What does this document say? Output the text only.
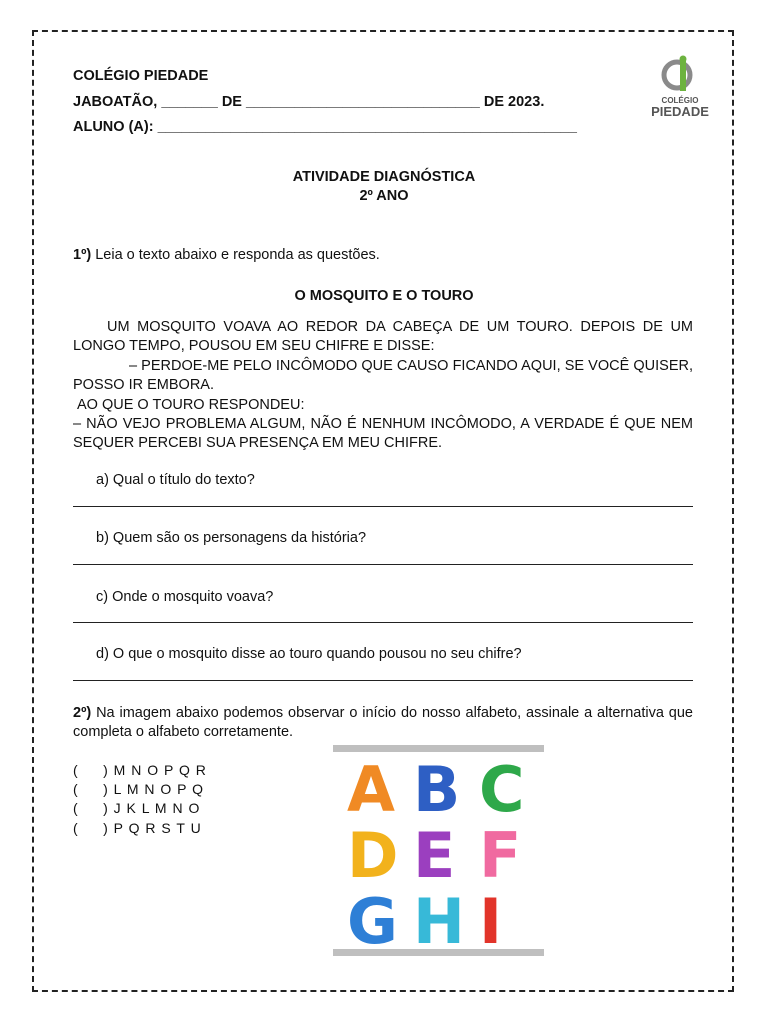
COLÉGIO PIEDADE
JABOATÃO, _______ DE _____________________________ DE 2023.
ALUNO (A): ____________________________________________________
COLÉGIO
PIEDADE
ATIVIDADE DIAGNÓSTICA
2º ANO
1º) Leia o texto abaixo e responda as questões.
O MOSQUITO E O TOURO
UM MOSQUITO VOAVA AO REDOR DA CABEÇA DE UM TOURO. DEPOIS DE UM LONGO TEMPO, POUSOU EM SEU CHIFRE E DISSE:
– PERDOE-ME PELO INCÔMODO QUE CAUSO FICANDO AQUI, SE VOCÊ QUISER, POSSO IR EMBORA.
AO QUE O TOURO RESPONDEU:
– NÃO VEJO PROBLEMA ALGUM, NÃO É NENHUM INCÔMODO, A VERDADE É QUE NEM SEQUER PERCEBI SUA PRESENÇA EM MEU CHIFRE.
a) Qual o título do texto?
b) Quem são os personagens da história?
c) Onde o mosquito voava?
d) O que o mosquito disse ao touro quando pousou no seu chifre?
2º) Na imagem abaixo podemos observar o início do nosso alfabeto, assinale a alternativa que completa o alfabeto corretamente.
(     ) M N O P Q R
(     ) L M N O P Q
(     ) J K L M N O
(     ) P Q R S T U
A B C
D E F
G H I
